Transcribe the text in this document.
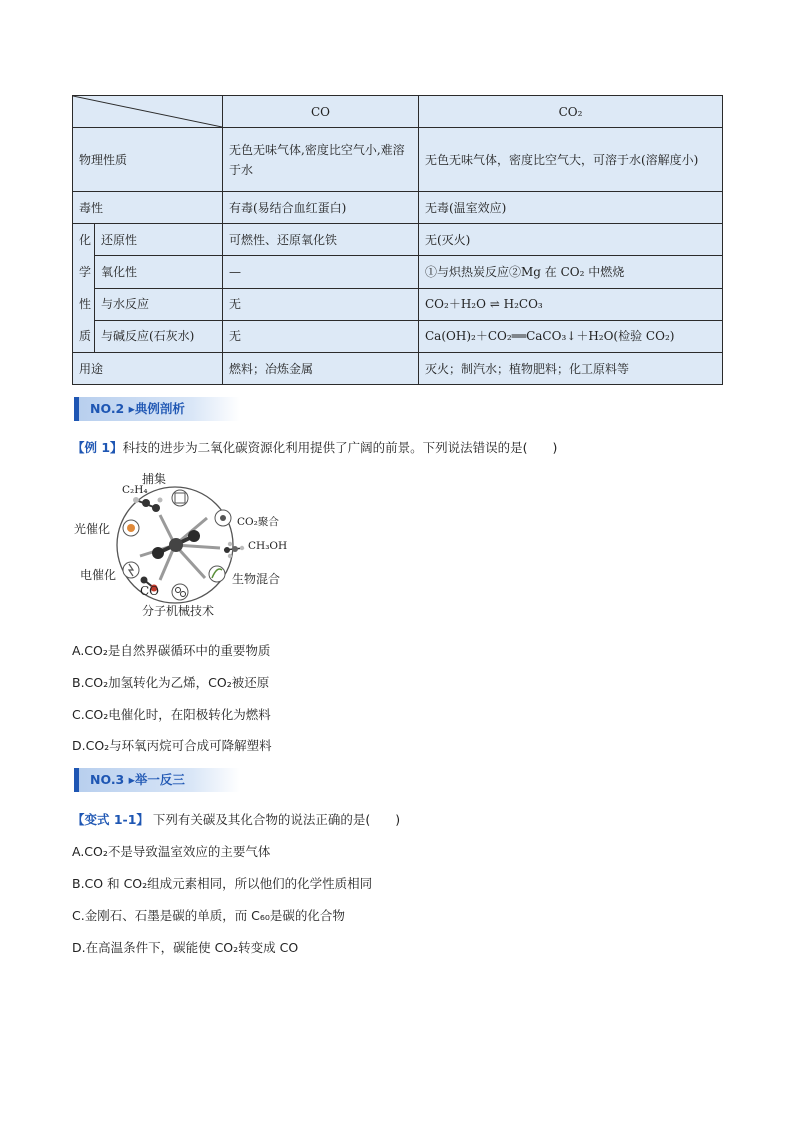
	CO	CO₂
物理性质		无色无味气体,密度比空气小,难溶于水	无色无味气体，密度比空气大，可溶于水(溶解度小)
毒性		有毒(易结合血红蛋白)	无毒(温室效应)

化
学
性
质	还原性	可燃性、还原氧化铁	无(灭火)
	氧化性	—	①与炽热炭反应②Mg 在 CO₂ 中燃烧
	与水反应	无	CO₂＋H₂O ⇌ H₂CO₃
	与碱反应(石灰水)	无	Ca(OH)₂＋CO₂══CaCO₃↓＋H₂O(检验 CO₂)
用途		燃料；冶炼金属	灭火；制汽水；植物肥料；化工原料等
NO.2 ▸典例剖析
【例 1】科技的进步为二氧化碳资源化利用提供了广阔的前景。下列说法错误的是(　　)
捕集
C₂H₄
CO₂聚合
CH₃OH
光催化
电催化
CO
生物混合
分子机械技术
A.CO₂是自然界碳循环中的重要物质
B.CO₂加氢转化为乙烯，CO₂被还原
C.CO₂电催化时，在阳极转化为燃料
D.CO₂与环氧丙烷可合成可降解塑料
NO.3 ▸举一反三
【变式 1-1】 下列有关碳及其化合物的说法正确的是(　　)
A.CO₂不是导致温室效应的主要气体
B.CO 和 CO₂组成元素相同，所以他们的化学性质相同
C.金刚石、石墨是碳的单质，而 C₆₀是碳的化合物
D.在高温条件下，碳能使 CO₂转变成 CO
